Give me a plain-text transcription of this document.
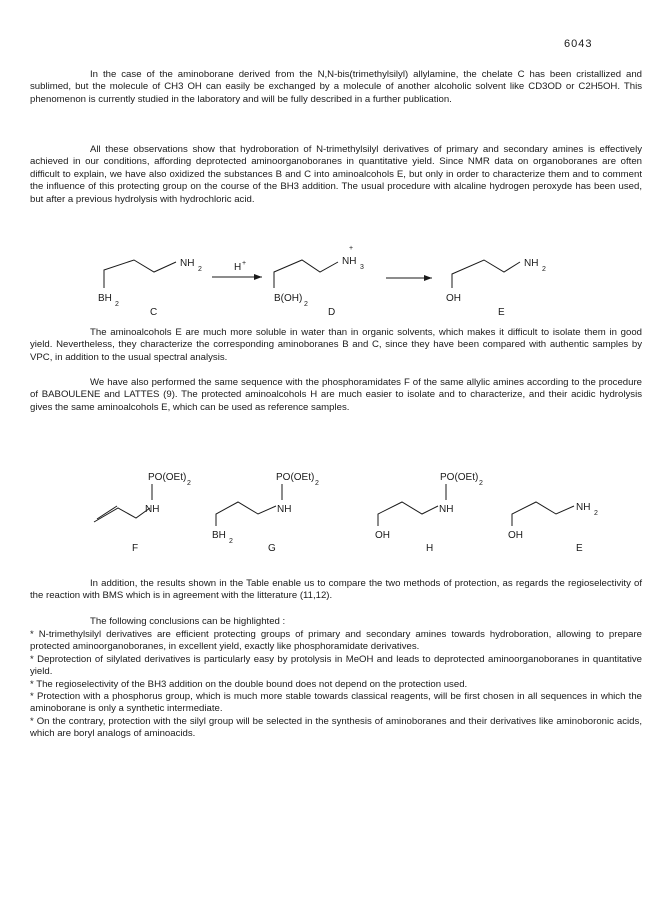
6043

In the case of the aminoborane derived from the N,N-bis(trimethylsilyl) allylamine, the chelate C has been cristallized and sublimed, but the molecule of CH3 OH can easily be exchanged by a molecule of another alcoholic solvent like CD3OD or C2H5OH. This phenomenon is currently studied in the laboratory and will be fully described in a further publication.

All these observations show that hydroboration of N-trimethylsilyl derivatives of primary and secondary amines is effectively achieved in our conditions, affording deprotected aminoorganoboranes in quantitative yield. Since NMR data on organoboranes are often difficult to explain, we have also oxidized the substances B and C into aminoalcohols E, but only in order to characterize them and to comment the influence of this protecting group on the course of the BH3 addition. The usual procedure with alcaline hydrogen peroxyde has been used, but after a previous hydrolysis with hydrochloric acid.

NH
2
BH
2
C
H +
+
NH
3
B(OH)
2
D
NH
2
OH
E

The aminoalcohols E are much more soluble in water than in organic solvents, which makes it difficult to isolate them in good yield. Nevertheless, they characterize the corresponding aminoboranes B and C, since they have been compared with authentic samples by VPC, in addition to the usual spectral analysis.

We have also performed the same sequence with the phosphoramidates F of the same allylic amines according to the procedure of BABOULENE and LATTES (9). The protected aminoalcohols H are much easier to isolate and to characterize, and their acidic hydrolysis gives the same aminoalcohols E, which can be used as reference samples.

PO(OEt)
2
NH
F
PO(OEt)
2
NH
BH
2
G
PO(OEt)
2
NH
OH
H
NH
2
OH
E

In addition, the results shown in the Table enable us to compare the two methods of protection, as regards the regioselectivity of the reaction with BMS which is in agreement with the litterature (11,12).

The following conclusions can be highlighted :

* N-trimethylsilyl derivatives are efficient protecting groups of primary and secondary amines towards hydroboration, allowing to prepare protected aminoorganoboranes, in excellent yield, exactly like phosphoramidate derivatives.
* Deprotection of silylated derivatives is particularly easy by protolysis in MeOH and leads to deprotected aminoorganoboranes in quantitative yield.
* The regioselectivity of the BH3 addition on the double bound does not depend on the protection used.
* Protection with a phosphorus group, which is much more stable towards classical reagents, will be first chosen in all sequences in which the aminoborane is only a synthetic intermediate.
* On the contrary, protection with the silyl group will be selected in the synthesis of aminoboranes and their derivatives like aminoboronic acids, which are boryl analogs of aminoacids.
